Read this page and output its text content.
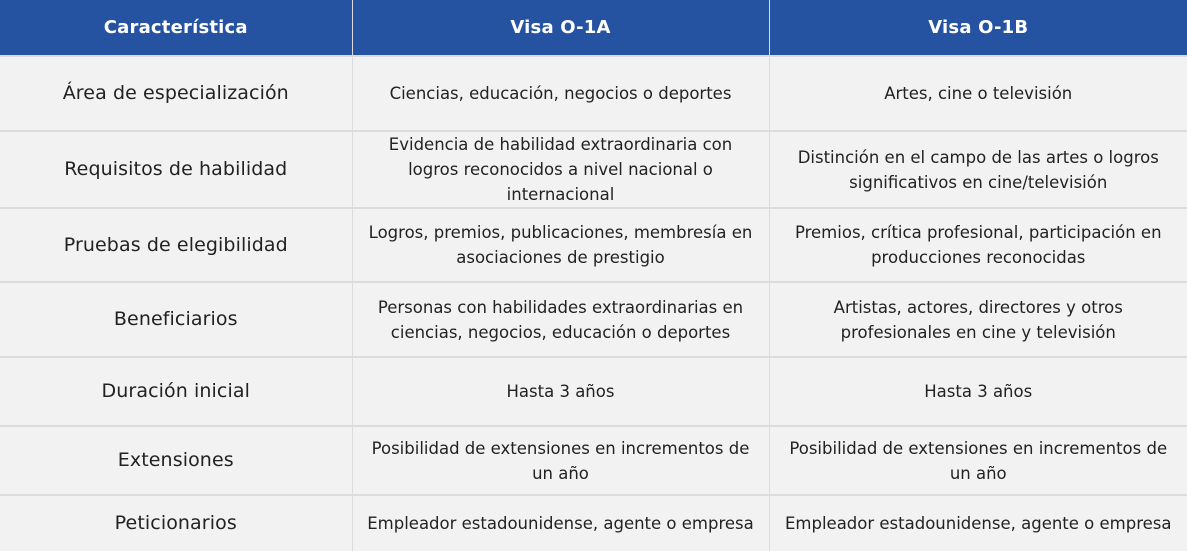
Característica	Visa O-1A	Visa O-1B
Área de especialización	Ciencias, educación, negocios o deportes	Artes, cine o televisión
Requisitos de habilidad	Evidencia de habilidad extraordinaria con logros reconocidos a nivel nacional o internacional	Distinción en el campo de las artes o logros significativos en cine/televisión
Pruebas de elegibilidad	Logros, premios, publicaciones, membresía en asociaciones de prestigio	Premios, crítica profesional, participación en producciones reconocidas
Beneficiarios	Personas con habilidades extraordinarias en ciencias, negocios, educación o deportes	Artistas, actores, directores y otros profesionales en cine y televisión
Duración inicial	Hasta 3 años	Hasta 3 años
Extensiones	Posibilidad de extensiones en incrementos de un año	Posibilidad de extensiones en incrementos de un año
Peticionarios	Empleador estadounidense, agente o empresa	Empleador estadounidense, agente o empresa
